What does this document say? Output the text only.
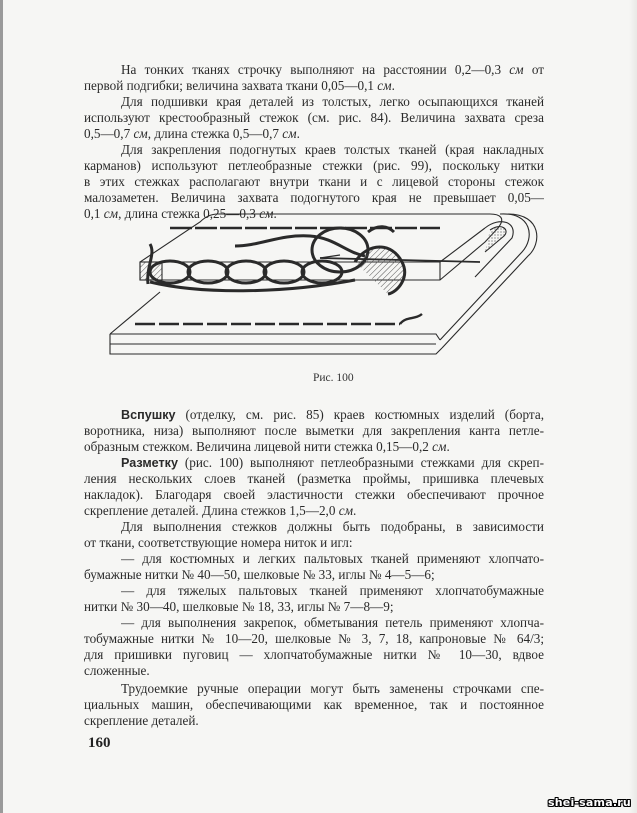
На тонких тканях строчку выполняют на расстоянии 0,2—0,3 см от
первой подгибки; величина захвата ткани 0,05—0,1 см.
Для подшивки края деталей из толстых, легко осыпающихся тканей
используют крестообразный стежок (см. рис. 84). Величина захвата среза
0,5—0,7 см, длина стежка 0,5—0,7 см.
Для закрепления подогнутых краев толстых тканей (края накладных
карманов) используют петлеобразные стежки (рис. 99), поскольку нитки
в этих стежках располагают внутри ткани и с лицевой стороны стежок
малозаметен. Величина захвата подогнутого края не превышает 0,05—
0,1 см, длина стежка 0,25—0,3 см.
Рис. 100
Вспушку (отделку, см. рис. 85) краев костюмных изделий (борта,
воротника, низа) выполняют после выметки для закрепления канта петле-
образным стежком. Величина лицевой нити стежка 0,15—0,2 см.
Разметку (рис. 100) выполняют петлеобразными стежками для скреп-
ления нескольких слоев тканей (разметка проймы, пришивка плечевых
накладок). Благодаря своей эластичности стежки обеспечивают прочное
скрепление деталей. Длина стежков 1,5—2,0 см.
Для выполнения стежков должны быть подобраны, в зависимости
от ткани, соответствующие номера ниток и игл:
— для костюмных и легких пальтовых тканей применяют хлопчато-
бумажные нитки № 40—50, шелковые № 33, иглы № 4—5—6;
— для тяжелых пальтовых тканей применяют хлопчатобумажные
нитки № 30—40, шелковые № 18, 33, иглы № 7—8—9;
— для выполнения закрепок, обметывания петель применяют хлопча-
тобумажные нитки № 10—20, шелковые № 3, 7, 18, капроновые № 64/3;
для пришивки пуговиц — хлопчатобумажные нитки № 10—30, вдвое
сложенные.
Трудоемкие ручные операции могут быть заменены строчками спе-
циальных машин, обеспечивающими как временное, так и постоянное
скрепление деталей.
160
shei-sama.ru
